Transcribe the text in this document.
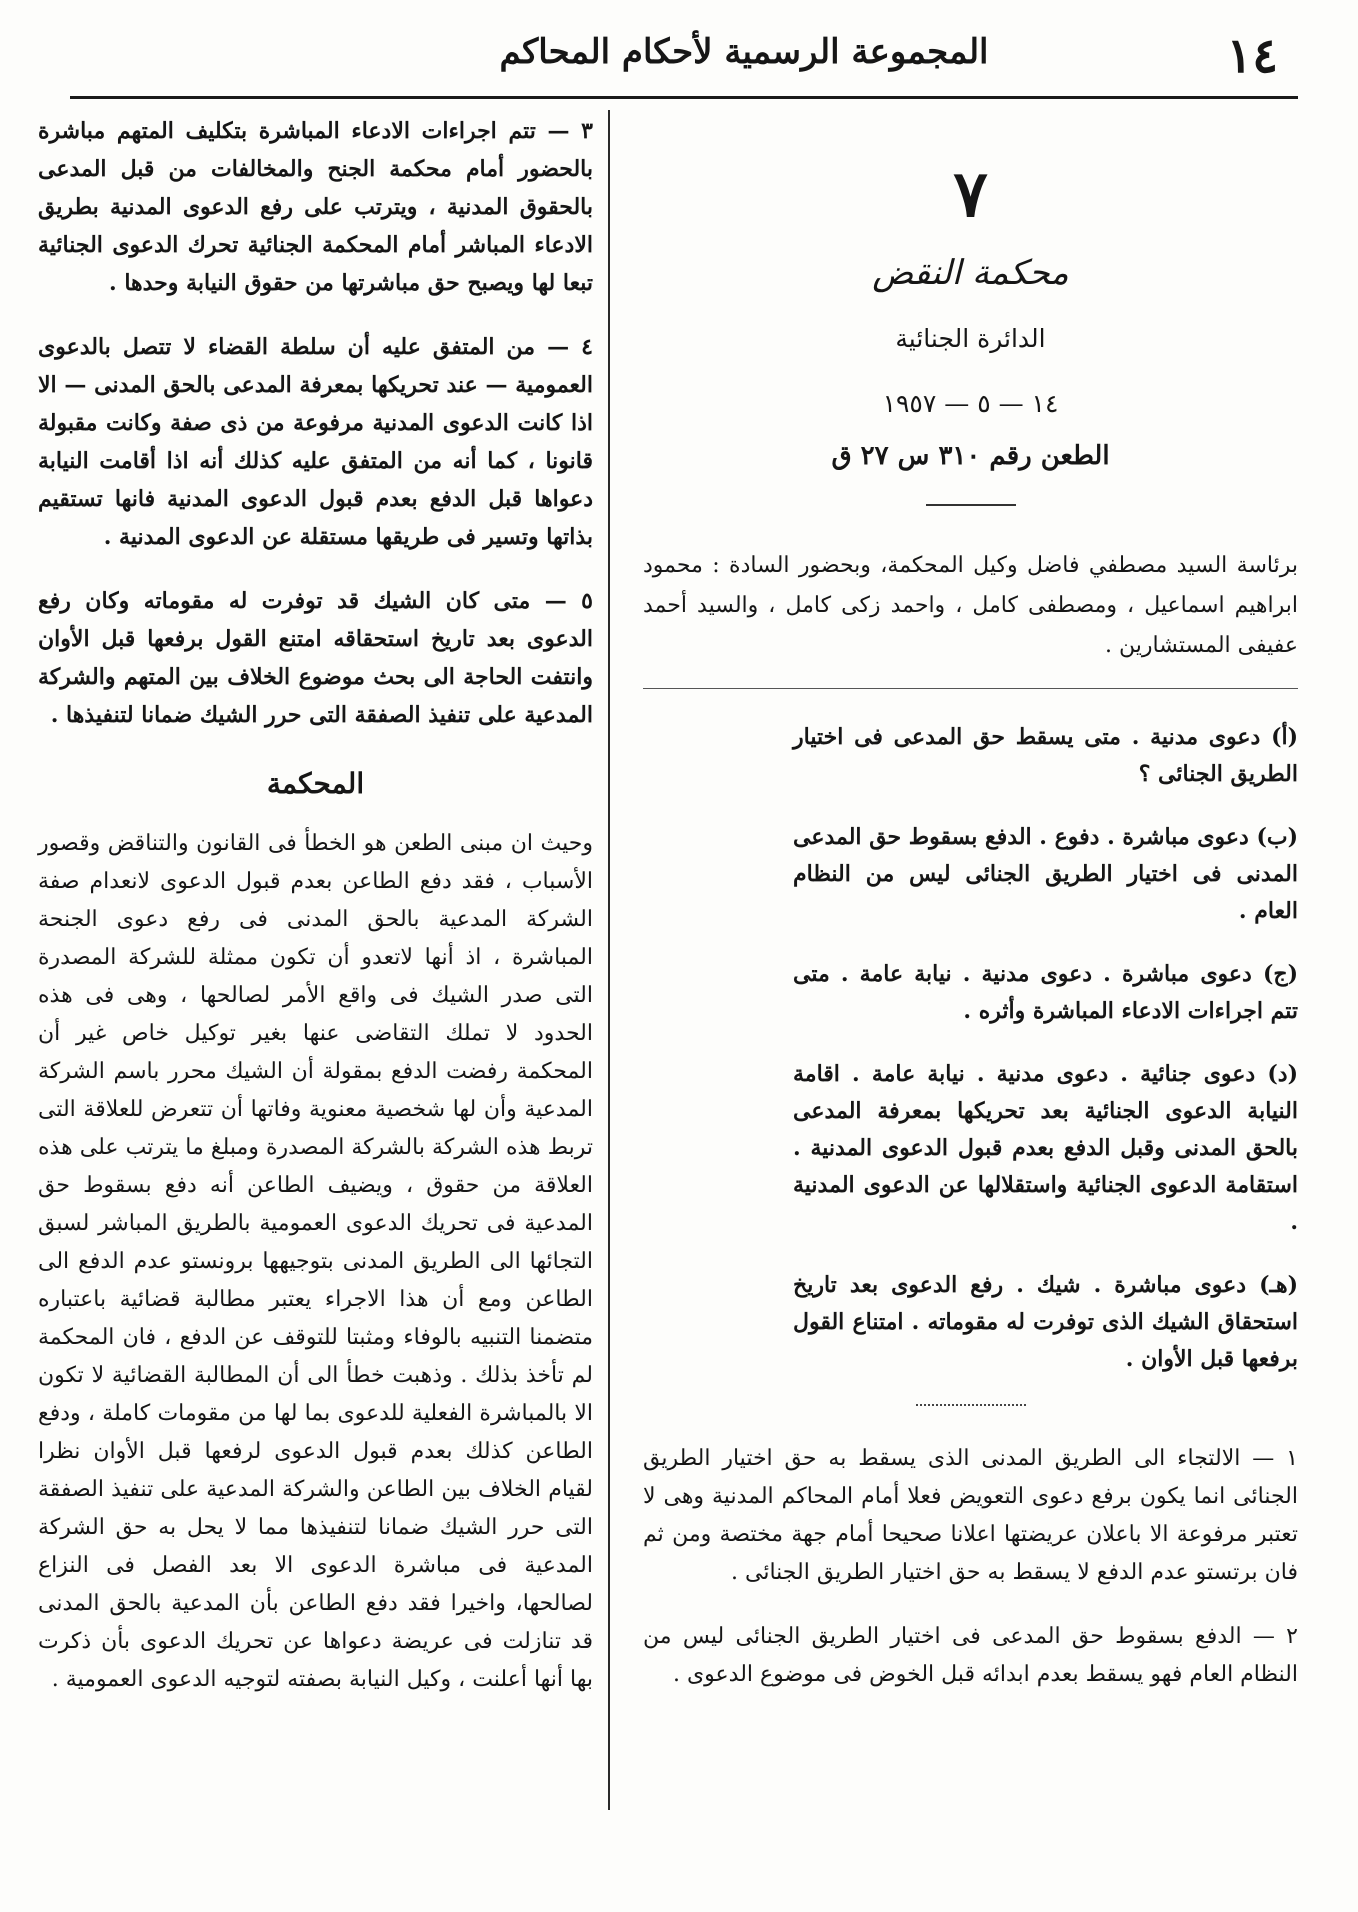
١٤
المجموعة الرسمية لأحكام المحاكم
٧
محكمة النقض
الدائرة الجنائية
١٤ — ٥ — ١٩٥٧
الطعن رقم ٣١٠ س ٢٧ ق
برئاسة السيد مصطفي فاضل وكيل المحكمة، وبحضور السادة : محمود ابراهيم اسماعيل ، ومصطفى كامل ، واحمد زكى كامل ، والسيد أحمد عفيفى المستشارين .
(أ) دعوى مدنية . متى يسقط حق المدعى فى اختيار الطريق الجنائى ؟
(ب) دعوى مباشرة . دفوع . الدفع بسقوط حق المدعى المدنى فى اختيار الطريق الجنائى ليس من النظام العام .
(ج) دعوى مباشرة . دعوى مدنية . نيابة عامة . متى تتم اجراءات الادعاء المباشرة وأثره .
(د) دعوى جنائية . دعوى مدنية . نيابة عامة . اقامة النيابة الدعوى الجنائية بعد تحريكها بمعرفة المدعى بالحق المدنى وقبل الدفع بعدم قبول الدعوى المدنية . استقامة الدعوى الجنائية واستقلالها عن الدعوى المدنية .
(هـ) دعوى مباشرة . شيك . رفع الدعوى بعد تاريخ استحقاق الشيك الذى توفرت له مقوماته . امتناع القول برفعها قبل الأوان .

١ — الالتجاء الى الطريق المدنى الذى يسقط به حق اختيار الطريق الجنائى انما يكون برفع دعوى التعويض فعلا أمام المحاكم المدنية وهى لا تعتبر مرفوعة الا باعلان عريضتها اعلانا صحيحا أمام جهة مختصة ومن ثم فان برتستو عدم الدفع لا يسقط به حق اختيار الطريق الجنائى .

٢ — الدفع بسقوط حق المدعى فى اختيار الطريق الجنائى ليس من النظام العام فهو يسقط بعدم ابدائه قبل الخوض فى موضوع الدعوى .

٣ — تتم اجراءات الادعاء المباشرة بتكليف المتهم مباشرة بالحضور أمام محكمة الجنح والمخالفات من قبل المدعى بالحقوق المدنية ، ويترتب على رفع الدعوى المدنية بطريق الادعاء المباشر أمام المحكمة الجنائية تحرك الدعوى الجنائية تبعا لها ويصبح حق مباشرتها من حقوق النيابة وحدها .

٤ — من المتفق عليه أن سلطة القضاء لا تتصل بالدعوى العمومية — عند تحريكها بمعرفة المدعى بالحق المدنى — الا اذا كانت الدعوى المدنية مرفوعة من ذى صفة وكانت مقبولة قانونا ، كما أنه من المتفق عليه كذلك أنه اذا أقامت النيابة دعواها قبل الدفع بعدم قبول الدعوى المدنية فانها تستقيم بذاتها وتسير فى طريقها مستقلة عن الدعوى المدنية .

٥ — متى كان الشيك قد توفرت له مقوماته وكان رفع الدعوى بعد تاريخ استحقاقه امتنع القول برفعها قبل الأوان وانتفت الحاجة الى بحث موضوع الخلاف بين المتهم والشركة المدعية على تنفيذ الصفقة التى حرر الشيك ضمانا لتنفيذها .

المحكمة

وحيث ان مبنى الطعن هو الخطأ فى القانون والتناقض وقصور الأسباب ، فقد دفع الطاعن بعدم قبول الدعوى لانعدام صفة الشركة المدعية بالحق المدنى فى رفع دعوى الجنحة المباشرة ، اذ أنها لاتعدو أن تكون ممثلة للشركة المصدرة التى صدر الشيك فى واقع الأمر لصالحها ، وهى فى هذه الحدود لا تملك التقاضى عنها بغير توكيل خاص غير أن المحكمة رفضت الدفع بمقولة أن الشيك محرر باسم الشركة المدعية وأن لها شخصية معنوية وفاتها أن تتعرض للعلاقة التى تربط هذه الشركة بالشركة المصدرة ومبلغ ما يترتب على هذه العلاقة من حقوق ، ويضيف الطاعن أنه دفع بسقوط حق المدعية فى تحريك الدعوى العمومية بالطريق المباشر لسبق التجائها الى الطريق المدنى بتوجيهها برونستو عدم الدفع الى الطاعن ومع أن هذا الاجراء يعتبر مطالبة قضائية باعتباره متضمنا التنبيه بالوفاء ومثبتا للتوقف عن الدفع ، فان المحكمة لم تأخذ بذلك . وذهبت خطأ الى أن المطالبة القضائية لا تكون الا بالمباشرة الفعلية للدعوى بما لها من مقومات كاملة ، ودفع الطاعن كذلك بعدم قبول الدعوى لرفعها قبل الأوان نظرا لقيام الخلاف بين الطاعن والشركة المدعية على تنفيذ الصفقة التى حرر الشيك ضمانا لتنفيذها مما لا يحل به حق الشركة المدعية فى مباشرة الدعوى الا بعد الفصل فى النزاع لصالحها، واخيرا فقد دفع الطاعن بأن المدعية بالحق المدنى قد تنازلت فى عريضة دعواها عن تحريك الدعوى بأن ذكرت بها أنها أعلنت ، وكيل النيابة بصفته لتوجيه الدعوى العمومية .
